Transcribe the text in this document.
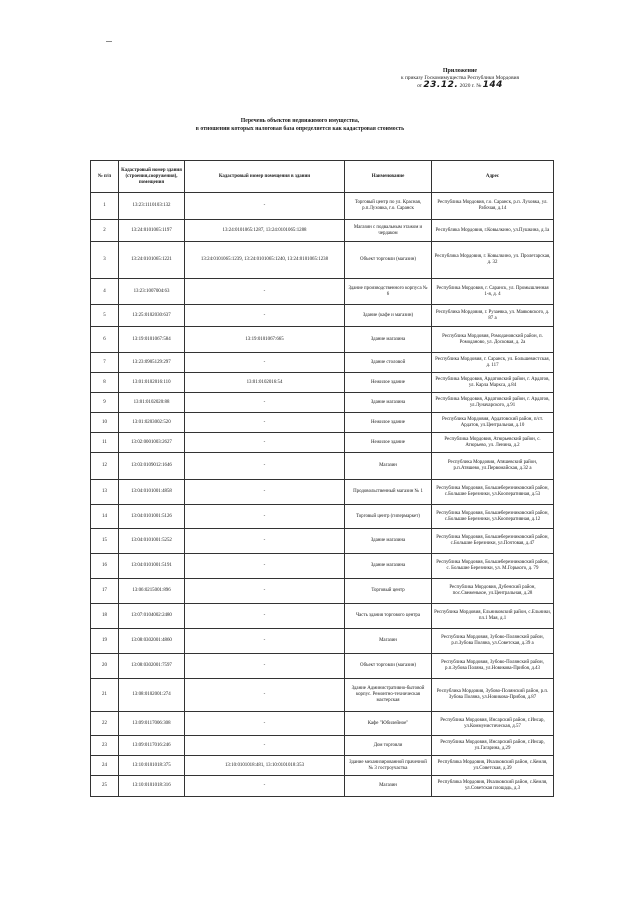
Приложение
к приказу Госкомимущества Республики Мордовия
от 23.12. 2020 г. № 144
Перечень объектов недвижимого имущества,
в отношении которых налоговая база определяется как кадастровая стоимость
№ п/п	Кадастровый номер здания (строения,сооружения), помещения	Кадастровый номер помещения в здании	Наименование	Адрес
1	13:23:1110103:132	-	Торговый центр по ул. Красная, р.п.Луховка, г.о. Саранск	Республика Мордовия, г.о. Саранск, р.п. Луховка, ул. Рабочая, д.14
2	13:24:0101065:1197	13:24:0101065:1287, 13:24:0101065:1288	Магазин с подвальным этажом и чердаком	Республика Мордовия, г.Ковылкино, ул.Пушкина, д.1а
3	13:24:0101065:1221	13:24:0101065:1239, 13:24:0101065:1240, 13:24:0101065:1238	Объект торговли (магазин)	Республика Мордовия, г. Ковылкино, ул. Пролетарская, д. 32
4	13:23:1007004:63	-	Здание производственного корпуса № 6	Республика Мордовия, г. Саранск, ул. Промышленная 1-я, д. 4
5	13:25:0102030:637	-	Здание (кафе и магазин)	Республика Мордовия, г. Рузаевка, ул. Маяковского, д. 87 а
6	13:19:0101067:584	13:19:0101067:665	Здание магазина	Республика Мордовия, Ромодановский район, п. Ромоданово, ул. Досковая, д. 2а
7	13:23:0905129:297	-	Здание столовой	Республика Мордовия, г. Саранск, ул. Большевистская, д. 117
8	13:01:0102016:110	13:01:0102016:54	Нежилое здание	Республика Мордовия, Ардатовский район, г. Ардатов, ул. Карла Маркса, д.84
9	13:01:0102020:88	-	Здание магазина	Республика Мордовия, Ардатовский район, г. Ардатов, ул.Луначарского, д.91
10	13:01:0203002:520	-	Нежилое здание	Республика Мордовия, Ардатовский район, п/ст. Ардатов, ул.Центральная, д.10
11	13:02:0001003:2627	-	Нежилое здание	Республика Мордовия, Атюрьевский район, с. Атюрьево, ул. Ленина, д.2
12	13:03:0109012:1646	-	Магазин	Республика Мордовия, Атяшевский район, р.п.Атяшево, ул.Первомайская, д.32 а
13	13:04:0101001:4858	-	Продовольственный магазин № 1	Республика Мордовия, Большеберезниковский район, с.Большие Березники, ул.Кооперативная, д.53
14	13:04:0101001:5126	-	Торговый центр (гипермаркет)	Республика Мордовия, Большеберезниковский район, с.Большие Березники, ул.Кооперативная, д.12
15	13:04:0101001:5252	-	Здание магазина	Республика Мордовия, Большеберезниковский район, с.Большие Березники, ул.Почтовая, д.47
16	13:04:0101001:5191	-	Здание магазина	Республика Мордовия, Большеберезниковский район, с. Большие Березники, ул. М.Горького, д. 79
17	13:06:0215001:896	-	Торговый центр	Республика Мордовия, Дубенский район, пос.Свеженькое, ул.Центральная, д.28
18	13:07:0104002:2480	-	Часть здания торгового центра	Республика Мордовия, Ельниковский район, с.Ельники, пл.1 Мая, д.1
19	13:08:0302001:4860	-	Магазин	Республика Мордовия, Зубово-Полянский район, р.п.Зубова Поляна, ул.Советская, д.39 а
20	13:08:0302001:7597	-	Объект торговли (магазин)	Республика Мордовия, Зубово-Полянский район, р.п.Зубова Поляна, ул.Новикова-Прибоя, д.43
21	13:08:0102001:274	-	Здание Административно-бытовой корпус. Ремонтно-техническая мастерская	Республика Мордовия, Зубово-Полянский район, р.п. Зубова Поляна, ул.Новикова-Прибоя, д.87
22	13:09:0117006:308	-	Кафе "Юбилейное"	Республика Мордовия, Инсарский район, г.Инсар, ул.Коммунистическая, д.57
23	13:09:0117016:246	-	Дом торговли	Республика Мордовия, Инсарский район, г.Инсар, ул.Гагарина, д.29
24	13:10:0101018:375	13:10:0101018:481, 13:10:0101018:353	Здание механизированной прачечной № 3 гостроучастка	Республика Мордовия, Ичалковский район, с.Кемля, ул.Советская, д.39
25	13:10:0101018:316	-	Магазин	Республика Мордовия, Ичалковский район, с.Кемля, ул.Советская площадь, д.3
